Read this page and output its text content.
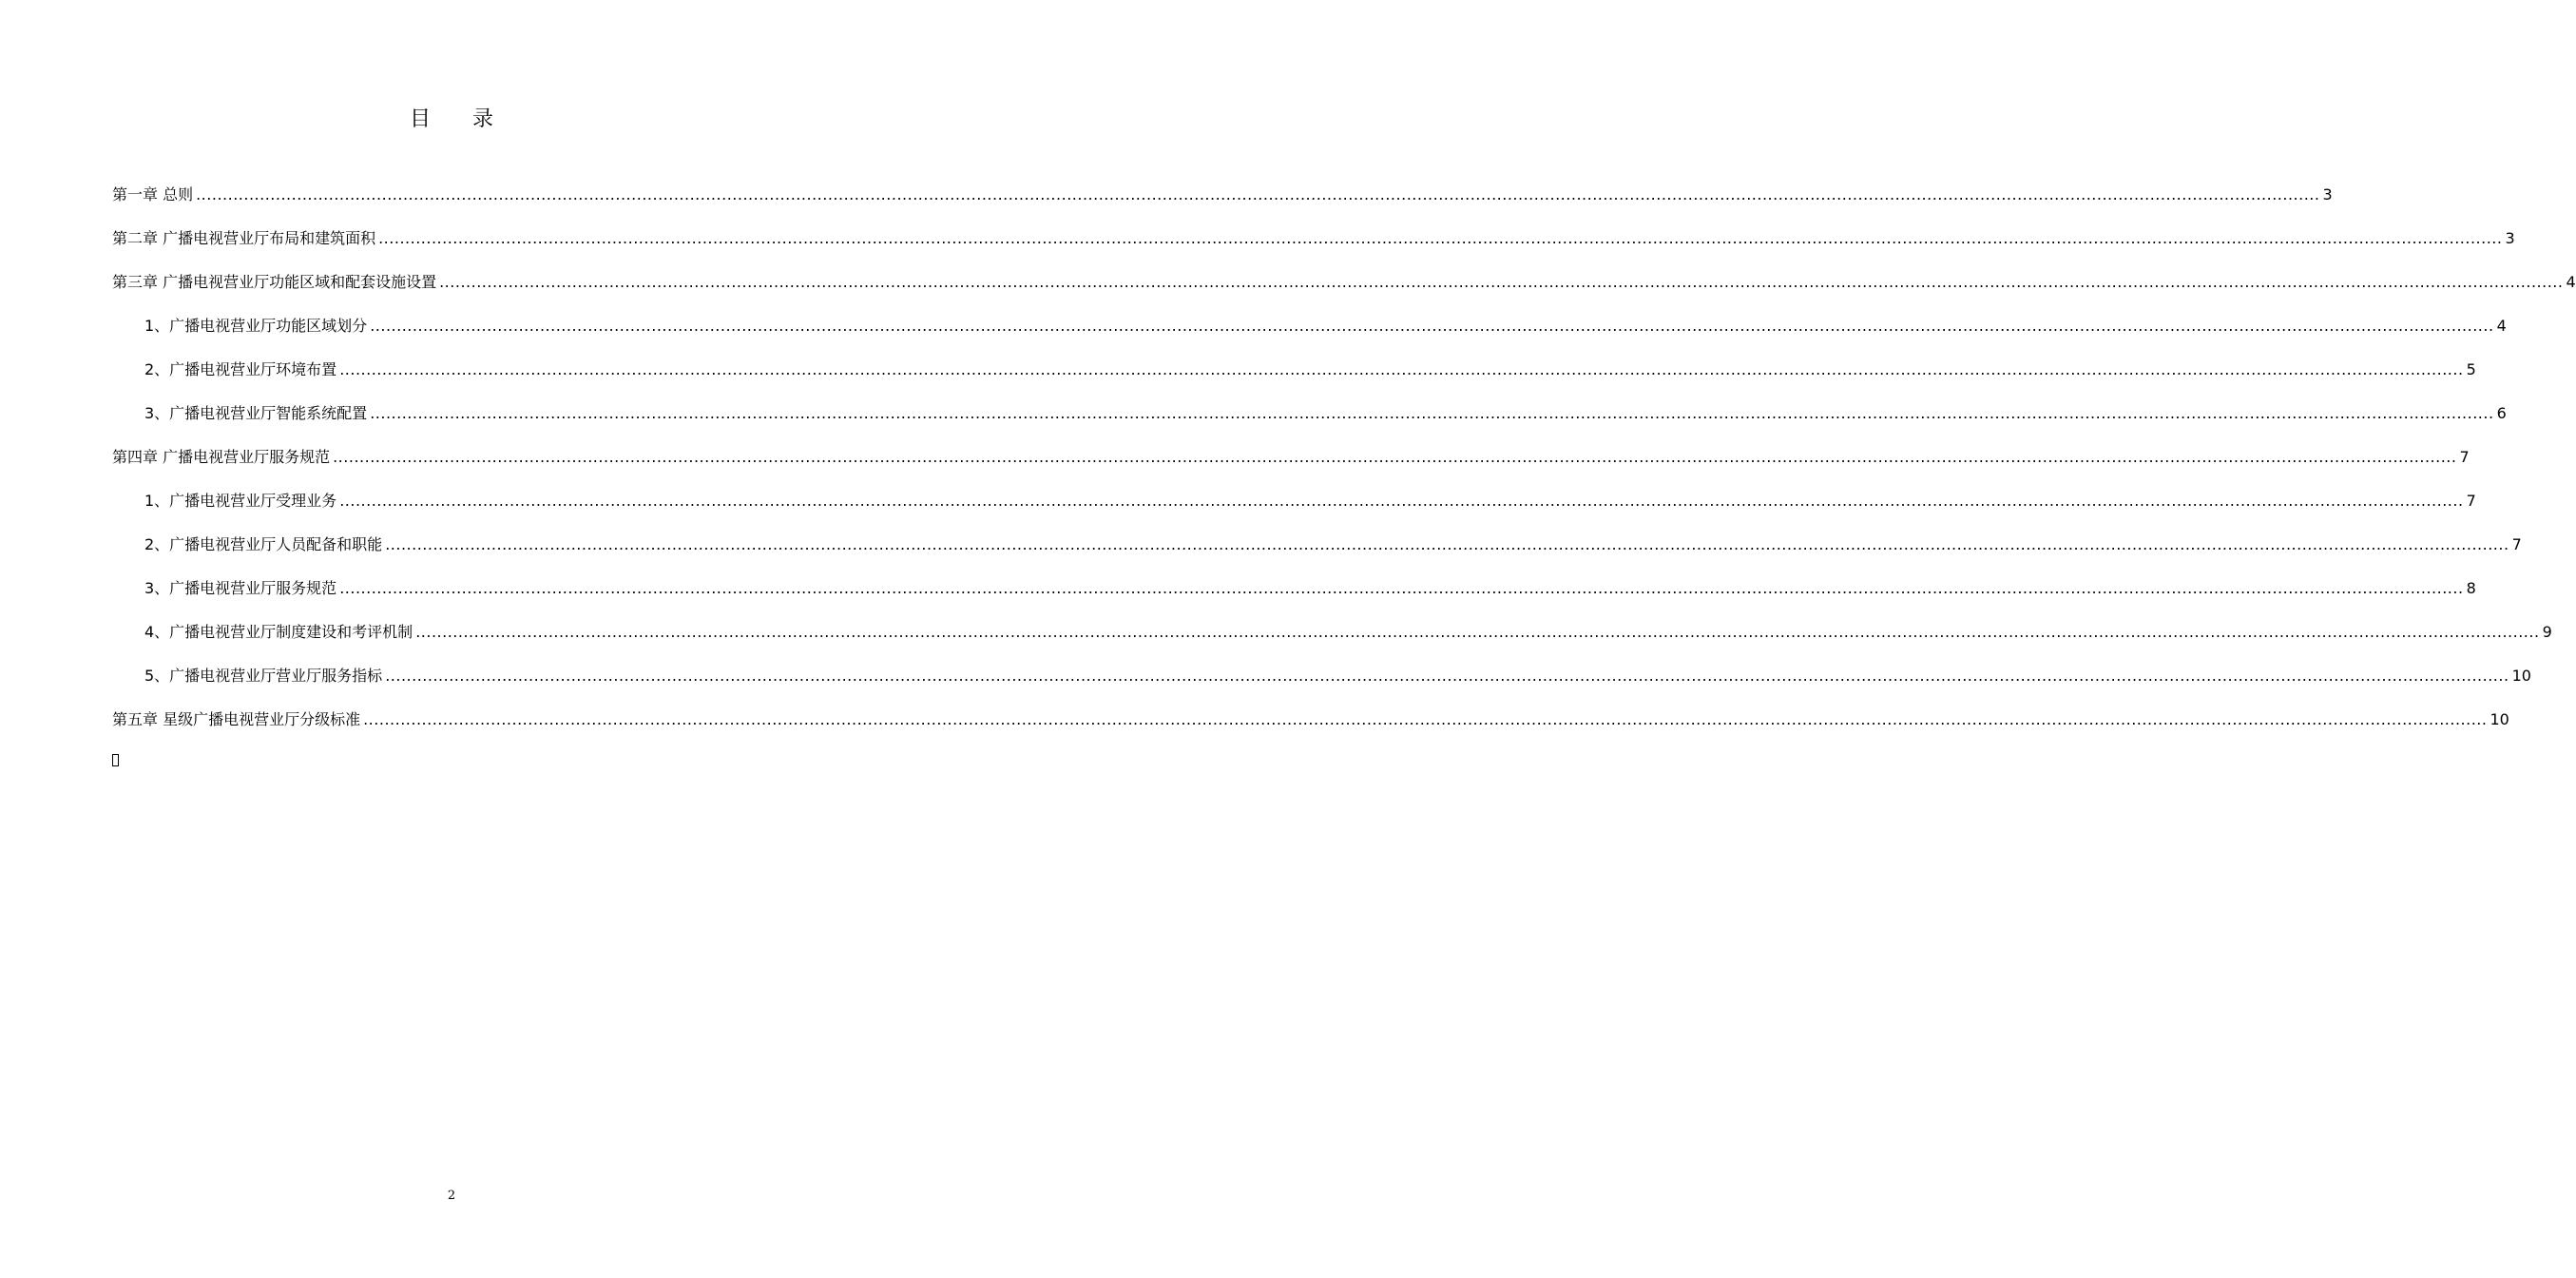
目　　录
第一章 总则 ................................................................................................................................................................................................................................................................................................................................................................................................................ 3
第二章 广播电视营业厅布局和建筑面积 ................................................................................................................................................................................................................................................................................................................................................................................................................ 3
第三章 广播电视营业厅功能区域和配套设施设置 ................................................................................................................................................................................................................................................................................................................................................................................................................ 4
1、广播电视营业厅功能区域划分 ................................................................................................................................................................................................................................................................................................................................................................................................................ 4
2、广播电视营业厅环境布置 ................................................................................................................................................................................................................................................................................................................................................................................................................ 5
3、广播电视营业厅智能系统配置 ................................................................................................................................................................................................................................................................................................................................................................................................................ 6
第四章 广播电视营业厅服务规范 ................................................................................................................................................................................................................................................................................................................................................................................................................ 7
1、广播电视营业厅受理业务 ................................................................................................................................................................................................................................................................................................................................................................................................................ 7
2、广播电视营业厅人员配备和职能 ................................................................................................................................................................................................................................................................................................................................................................................................................ 7
3、广播电视营业厅服务规范 ................................................................................................................................................................................................................................................................................................................................................................................................................ 8
4、广播电视营业厅制度建设和考评机制 ................................................................................................................................................................................................................................................................................................................................................................................................................ 9
5、广播电视营业厅营业厅服务指标 ................................................................................................................................................................................................................................................................................................................................................................................................................ 10
第五章 星级广播电视营业厅分级标准 ................................................................................................................................................................................................................................................................................................................................................................................................................ 10
2
